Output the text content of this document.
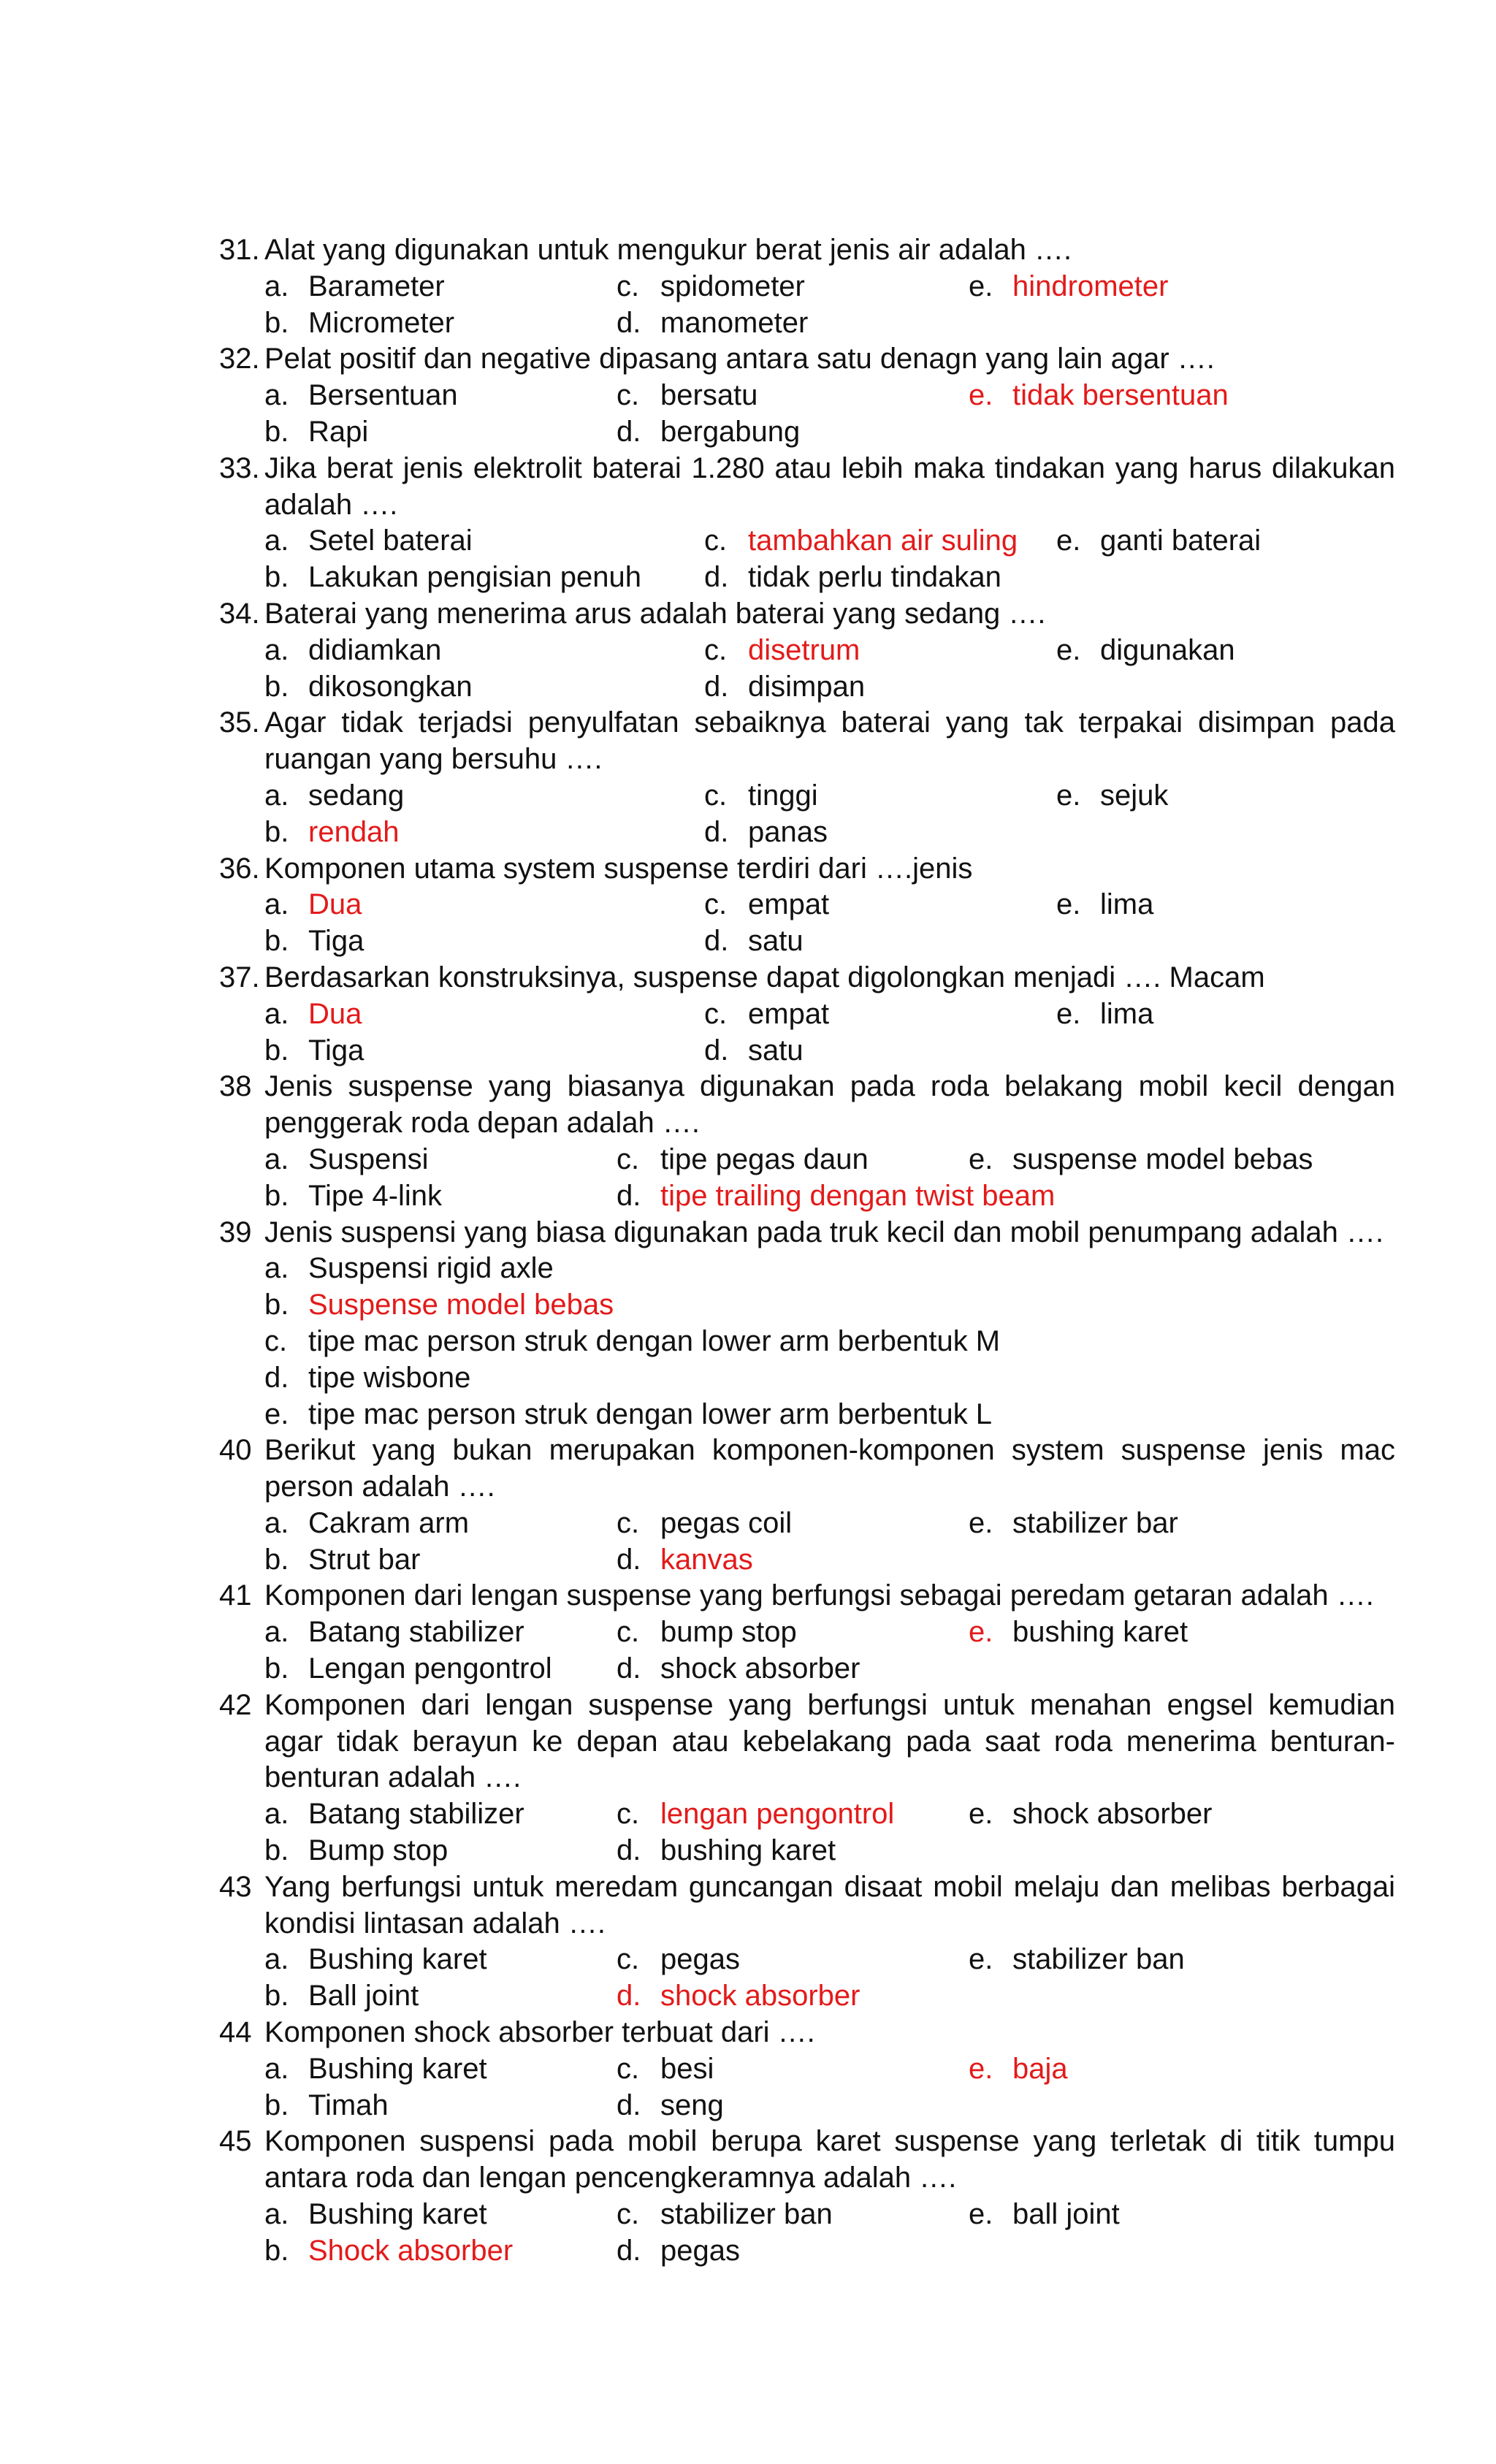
31. Alat yang digunakan untuk mengukur berat jenis air adalah ….
a. Barameter	c. spidometer	e. hindrometer
b. Micrometer	d. manometer
32. Pelat positif dan negative dipasang antara satu denagn yang lain agar ….
a. Bersentuan	c. bersatu	e. tidak bersentuan
b. Rapi	d. bergabung
33. Jika berat jenis elektrolit baterai 1.280 atau lebih maka tindakan yang harus dilakukan adalah ….
a. Setel baterai	c. tambahkan air suling	e. ganti baterai
b. Lakukan pengisian penuh	d. tidak perlu tindakan
34. Baterai yang menerima arus adalah baterai yang sedang ….
a. didiamkan	c. disetrum	e. digunakan
b. dikosongkan	d. disimpan
35. Agar tidak terjadsi penyulfatan sebaiknya baterai yang tak terpakai disimpan pada ruangan yang bersuhu ….
a. sedang	c. tinggi	e. sejuk
b. rendah	d. panas
36. Komponen utama system suspense terdiri dari ….jenis
a. Dua	c. empat	e. lima
b. Tiga	d. satu
37. Berdasarkan konstruksinya, suspense dapat digolongkan menjadi …. Macam
a. Dua	c. empat	e. lima
b. Tiga	d. satu
38 Jenis suspense yang biasanya digunakan pada roda belakang mobil kecil dengan penggerak roda depan adalah ….
a. Suspensi	c. tipe pegas daun	e. suspense model bebas
b. Tipe 4-link	d. tipe trailing dengan twist beam
39 Jenis suspensi yang biasa digunakan pada truk kecil dan mobil penumpang adalah ….
a. Suspensi rigid axle
b. Suspense model bebas
c. tipe mac person struk dengan lower arm berbentuk M
d. tipe wisbone
e. tipe mac person struk dengan lower arm berbentuk L
40 Berikut yang bukan merupakan komponen-komponen system suspense jenis mac person adalah ….
a. Cakram arm	c. pegas coil	e. stabilizer bar
b. Strut bar	d. kanvas
41 Komponen dari lengan suspense yang berfungsi sebagai peredam getaran adalah ….
a. Batang stabilizer	c. bump stop	e. bushing karet
b. Lengan pengontrol	d. shock absorber
42 Komponen dari lengan suspense yang berfungsi untuk menahan engsel kemudian agar tidak berayun ke depan atau kebelakang pada saat roda menerima benturan-benturan adalah ….
a. Batang stabilizer	c. lengan pengontrol	e. shock absorber
b. Bump stop	d. bushing karet
43 Yang berfungsi untuk meredam guncangan disaat mobil melaju dan melibas berbagai kondisi lintasan adalah ….
a. Bushing karet	c. pegas	e. stabilizer ban
b. Ball joint	d. shock absorber
44 Komponen shock absorber terbuat dari ….
a. Bushing karet	c. besi	e. baja
b. Timah	d. seng
45 Komponen suspensi pada mobil berupa karet suspense yang terletak di titik tumpu antara roda dan lengan pencengkeramnya adalah ….
a. Bushing karet	c. stabilizer ban	e. ball joint
b. Shock absorber	d. pegas
